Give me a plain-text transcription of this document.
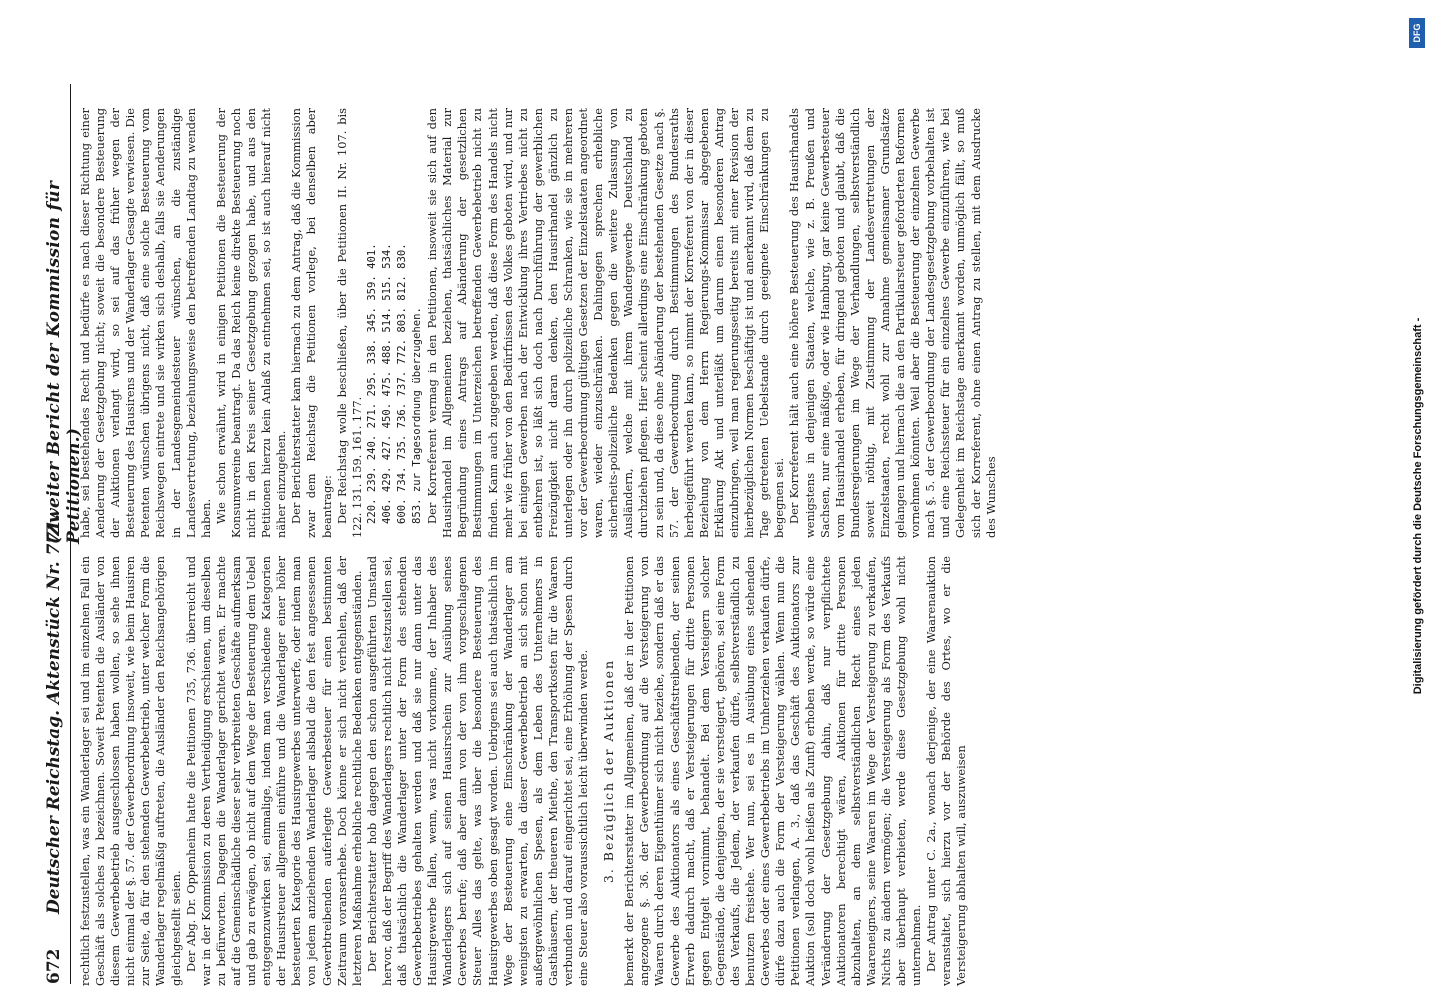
672
Deutscher Reichstag. Aktenstück Nr. 771.
(Zweiter Bericht der Kommission für Petitionen.)

rechtlich festzustellen, was ein Wanderlager sei und im einzelnen Fall ein Geschäft als solches zu bezeichnen. Soweit Petenten die Ausländer von diesem Gewerbebetrieb ausgeschlossen haben wollen, so sehe ihnen nicht einmal der §. 57. der Gewerbeordnung insoweit, wie beim Hausiren zur Seite, da für den stehenden Gewerbebetrieb, unter welcher Form die Wanderlager regelmäßig auftreten, die Ausländer den Reichsangehörigen gleichgestellt seien. Der Abg. Dr. Oppenheim hatte die Petitionen 735, 736. überreicht und war in der Kommission zu deren Vertheidigung erschienen, um dieselben zu befürworten. Dagegen die Wanderlager gerichtet waren. Er machte auf die Gemeinschädliche dieser sehr verbreiteten Geschäfte aufmerksam und gab zu erwägen, ob nicht auf dem Wege der Besteuerung dem Uebel entgegenzuwirken sei, einmalige, indem man verschiedene Kategorien der Hausirsteuer allgemein einführe und die Wanderlager einer höher besteuerten Kategorie des Hausirgewerbes unterwerfe, oder indem man von jedem anziehenden Wanderlager alsbald die den fest angesessenen Gewerbtreibenden auferlegte Gewerbesteuer für einen bestimmten Zeitraum voranserhebe. Doch könne er sich nicht verhehlen, daß der letzteren Maßnahme erhebliche rechtliche Bedenken entgegenständen. Der Berichterstatter hob dagegen den schon ausgeführten Umstand hervor, daß der Begriff des Wanderlagers rechtlich nicht festzustellen sei, daß thatsächlich die Wanderlager unter der Form des stehenden Gewerbebetriebes gehalten werden und daß sie nur dann unter das Hausirgewerbe fallen, wenn, was nicht vorkomme, der Inhaber des Wanderlagers sich auf seinen Hausirschein zur Ausübung seines Gewerbes berufe; daß aber dann von der von ihm vorgeschlagenen Steuer Alles das gelte, was über die besondere Besteuerung des Hausirgewerbes oben gesagt worden. Uebrigens sei auch thatsächlich im Wege der Besteuerung eine Einschränkung der Wanderlager am wenigsten zu erwarten, da dieser Gewerbebetrieb an sich schon mit außergewöhnlichen Spesen, als dem Leben des Unternehmers in Gasthäusern, der theueren Miethe, den Transportkosten für die Waaren verbunden und darauf eingerichtet sei, eine Erhöhung der Spesen durch eine Steuer also voraussichtlich leicht überwinden werde. 3. Bezüglich der Auktionen bemerkt der Berichterstatter im Allgemeinen, daß der in der Petitionen angezogene §. 36. der Gewerbeordnung auf die Versteigerung von Waaren durch deren Eigenthümer sich nicht beziehe, sondern daß er das Gewerbe des Auktionators als eines Geschäftstreibenden, der seinen Erwerb dadurch macht, daß er Versteigerungen für dritte Personen gegen Entgelt vornimmt, behandelt. Bei dem Versteigern solcher Gegenstände, die denjenigen, der sie versteigert, gehören, sei eine Form des Verkaufs, die Jedem, der verkaufen dürfe, selbstverständlich zu benutzen freistehe. Wer nun, sei es in Ausübung eines stehenden Gewerbes oder eines Gewerbebetriebs im Umherziehen verkaufen dürfe, dürfe dazu auch die Form der Versteigerung wählen. Wenn nun die Petitionen verlangen, A. 3., daß das Geschäft des Auktionators zur Auktion (soll doch wohl heißen als Zunft) erhoben werde, so würde eine Veränderung der Gesetzgebung dahin, daß nur verpflichtete Auktionatoren berechtigt wären, Auktionen für dritte Personen abzuhalten, an dem selbstverständlichen Recht eines jeden Waareneigners, seine Waaren im Wege der Versteigerung zu verkaufen, Nichts zu ändern vermögen; die Versteigerung als Form des Verkaufs aber überhaupt verbieten, werde diese Gesetzgebung wohl nicht unternehmen. Der Antrag unter C. 2a., wonach derjenige, der eine Waarenauktion veranstaltet, sich hierzu vor der Behörde des Ortes, wo er die Versteigerung abhalten will, auszuweisen

habe, sei bestehendes Recht und bedürfe es nach dieser Richtung einer Aenderung der Gesetzgebung nicht; soweit die besondere Besteuerung der Auktionen verlangt wird, so sei auf das früher wegen der Besteuerung des Hausirens und der Wanderlager Gesagte verwiesen. Die Petenten wünschen übrigens nicht, daß eine solche Besteuerung vom Reichswegen eintrete und sie wirken sich deshalb, falls sie Aenderungen in der Landesgemeindesteuer wünschen, an die zuständige Landesvertretung, beziehungsweise den betreffenden Landtag zu wenden haben. Wie schon erwähnt, wird in einigen Petitionen die Besteuerung der Konsumvereine beantragt. Da das Reich keine direkte Besteuerung noch nicht in den Kreis seiner Gesetzgebung gezogen habe, und aus den Petitionen hierzu kein Anlaß zu entnehmen sei, so ist auch hierauf nicht näher einzugehen. Der Berichterstatter kam hiernach zu dem Antrag, daß die Kommission zwar dem Reichstag die Petitionen vorlege, bei denselben aber beantrage: Der Reichstag wolle beschließen, über die Petitionen II. Nr. 107. bis 122. 131. 159. 161. 177. 220. 239. 240. 271. 295. 338. 345. 359. 401. 406. 429. 427. 450. 475. 488. 514. 515. 534. 600. 734. 735. 736. 737. 772. 803. 812. 830. 853. zur Tagesordnung überzugehen. Der Korreferent vermag in den Petitionen, insoweit sie sich auf den Hausirhandel im Allgemeinen beziehen, thatsächliches Material zur Begründung eines Antrags auf Abänderung der gesetzlichen Bestimmungen im Unterzeichen betreffenden Gewerbebetrieb nicht zu finden. Kann auch zugegeben werden, daß diese Form des Handels nicht mehr wie früher von den Bedürfnissen des Volkes geboten wird, und nur bei einigen Gewerben nach der Entwicklung ihres Vertriebes nicht zu entbehren ist, so läßt sich doch nach Durchführung der gewerblichen Freizügigkeit nicht daran denken, den Hausirhandel gänzlich zu unterlegen oder ihn durch polizeiliche Schranken, wie sie in mehreren vor der Gewerbeordnung gültigen Gesetzen der Einzelstaaten angeordnet waren, wieder einzuschränken. Dahingegen sprechen erhebliche sicherheits-polizeiliche Bedenken gegen die weitere Zulassung von Ausländern, welche mit ihrem Wandergewerbe Deutschland zu durchziehen pflegen. Hier scheint allerdings eine Einschränkung geboten zu sein und, da diese ohne Abänderung der bestehenden Gesetze nach §. 57. der Gewerbeordnung durch Bestimmungen des Bundesraths herbeigeführt werden kann, so nimmt der Korreferent von der in dieser Beziehung von dem Herrn Regierungs-Kommissar abgegebenen Erklärung Akt und unterläßt um darum einen besonderen Antrag einzubringen, weil man regierungsseitig bereits mit einer Revision der hierbezüglichen Normen beschäftigt ist und anerkannt wird, daß dem zu Tage getretenen Uebelstande durch geeignete Einschränkungen zu begegnen sei. Der Korreferent hält auch eine höhere Besteuerung des Hausirhandels wenigstens in denjenigen Staaten, welche, wie z. B. Preußen und Sachsen, nur eine mäßige, oder wie Hamburg, gar keine Gewerbesteuer vom Hausirhandel erheben, für dringend geboten und glaubt, daß die Bundesregierungen im Wege der Verhandlungen, selbstverständlich soweit nöthig, mit Zustimmung der Landesvertretungen der Einzelstaaten, recht wohl zur Annahme gemeinsamer Grundsätze gelangen und hiernach die an den Partikularsteuer geforderten Reformen vornehmen könnten. Weil aber die Besteuerung der einzelnen Gewerbe nach §. 5. der Gewerbeordnung der Landesgesetzgebung vorbehalten ist und eine Reichssteuer für ein einzelnes Gewerbe einzuführen, wie bei Gelegenheit im Reichstage anerkannt worden, unmöglich fällt, so muß sich der Korreferent, ohne einen Antrag zu stellen, mit dem Ausdrucke des Wunsches	Digitalisierung gefördert durch die Deutsche Forschungsgemeinschaft -
DFG
